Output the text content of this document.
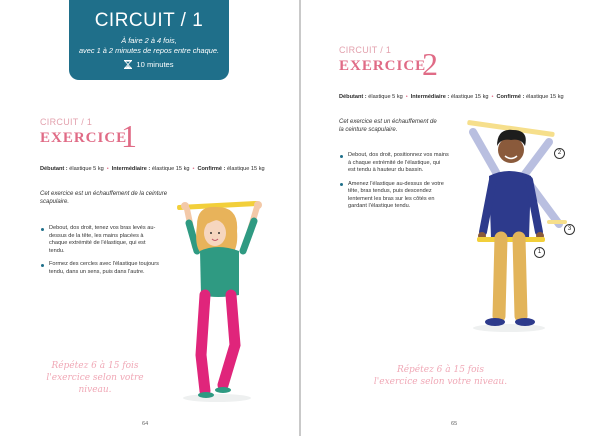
CIRCUIT / 1
À faire 2 à 4 fois,
avec 1 à 2 minutes de repos entre chaque.
10 minutes
CIRCUIT / 1
EXERCICE
1
Débutant : élastique 5 kg • Intermédiaire : élastique 15 kg • Confirmé : élastique 15 kg
Cet exercice est un échauffement de la ceinture
scapulaire.
Debout, dos droit, tenez vos bras levés au-dessus de la tête, les mains placées à chaque extrémité de l'élastique, qui est tendu.
Formez des cercles avec l'élastique toujours tendu, dans un sens, puis dans l'autre.
Répétez 6 à 15 fois
l'exercice selon votre niveau.
64
CIRCUIT / 1
EXERCICE
2
Débutant : élastique 5 kg • Intermédiaire : élastique 15 kg • Confirmé : élastique 15 kg
Cet exercice est un échauffement de
la ceinture scapulaire.
Debout, dos droit, positionnez vos mains à chaque extrémité de l'élastique, qui est tendu à hauteur du bassin.
Amenez l'élastique au-dessus de votre tête, bras tendus, puis descendez lentement les bras sur les côtés en gardant l'élastique tendu.
2
3
1
Répétez 6 à 15 fois
l'exercice selon votre niveau.
65
